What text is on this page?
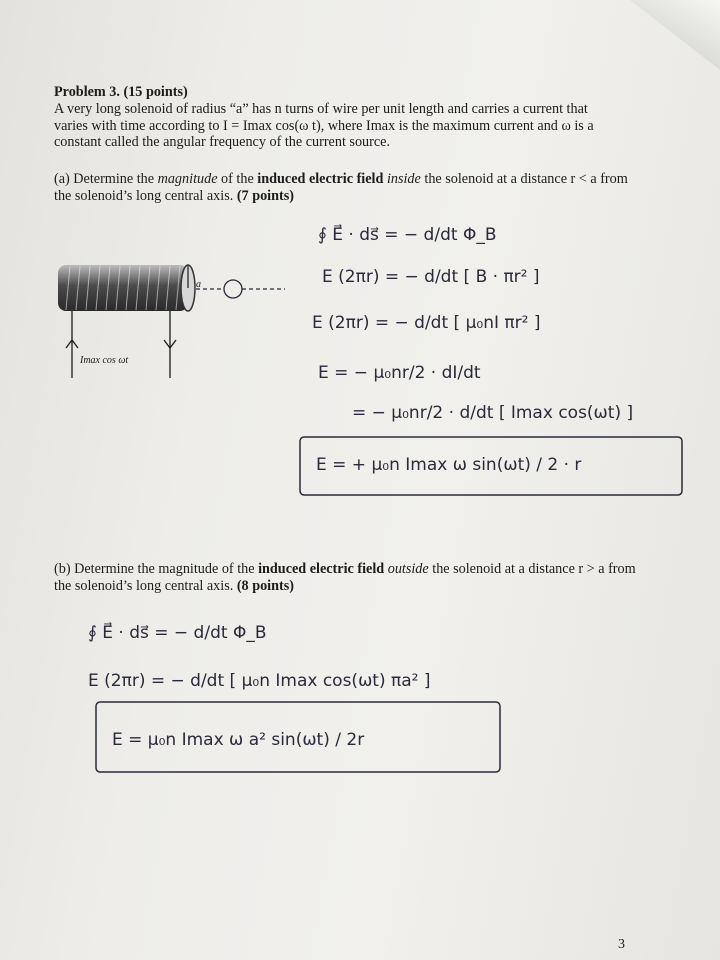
Problem 3. (15 points)

A very long solenoid of radius “a” has n turns of wire per unit length and carries a current that varies with time according to I = Imax cos(ω t), where Imax is the maximum current and ω is a constant called the angular frequency of the current source.

(a) Determine the magnitude of the induced electric field inside the solenoid at a distance r < a from the solenoid’s long central axis. (7 points)

(b) Determine the magnitude of the induced electric field outside the solenoid at a distance r > a from the solenoid’s long central axis. (8 points)

a
Imax cos ωt
∮ E⃗ · ds⃗ = − d/dt Φ_B
E (2πr) = − d/dt [ B · πr² ]
E (2πr) = − d/dt [ μ₀nI πr² ]
E = − μ₀nr/2 · dI/dt
= − μ₀nr/2 · d/dt [ Imax cos(ωt) ]
E = + μ₀n Imax ω sin(ωt) / 2 · r
∮ E⃗ · ds⃗ = − d/dt Φ_B
E (2πr) = − d/dt [ μ₀n Imax cos(ωt) πa² ]
E = μ₀n Imax ω a² sin(ωt) / 2r
3
